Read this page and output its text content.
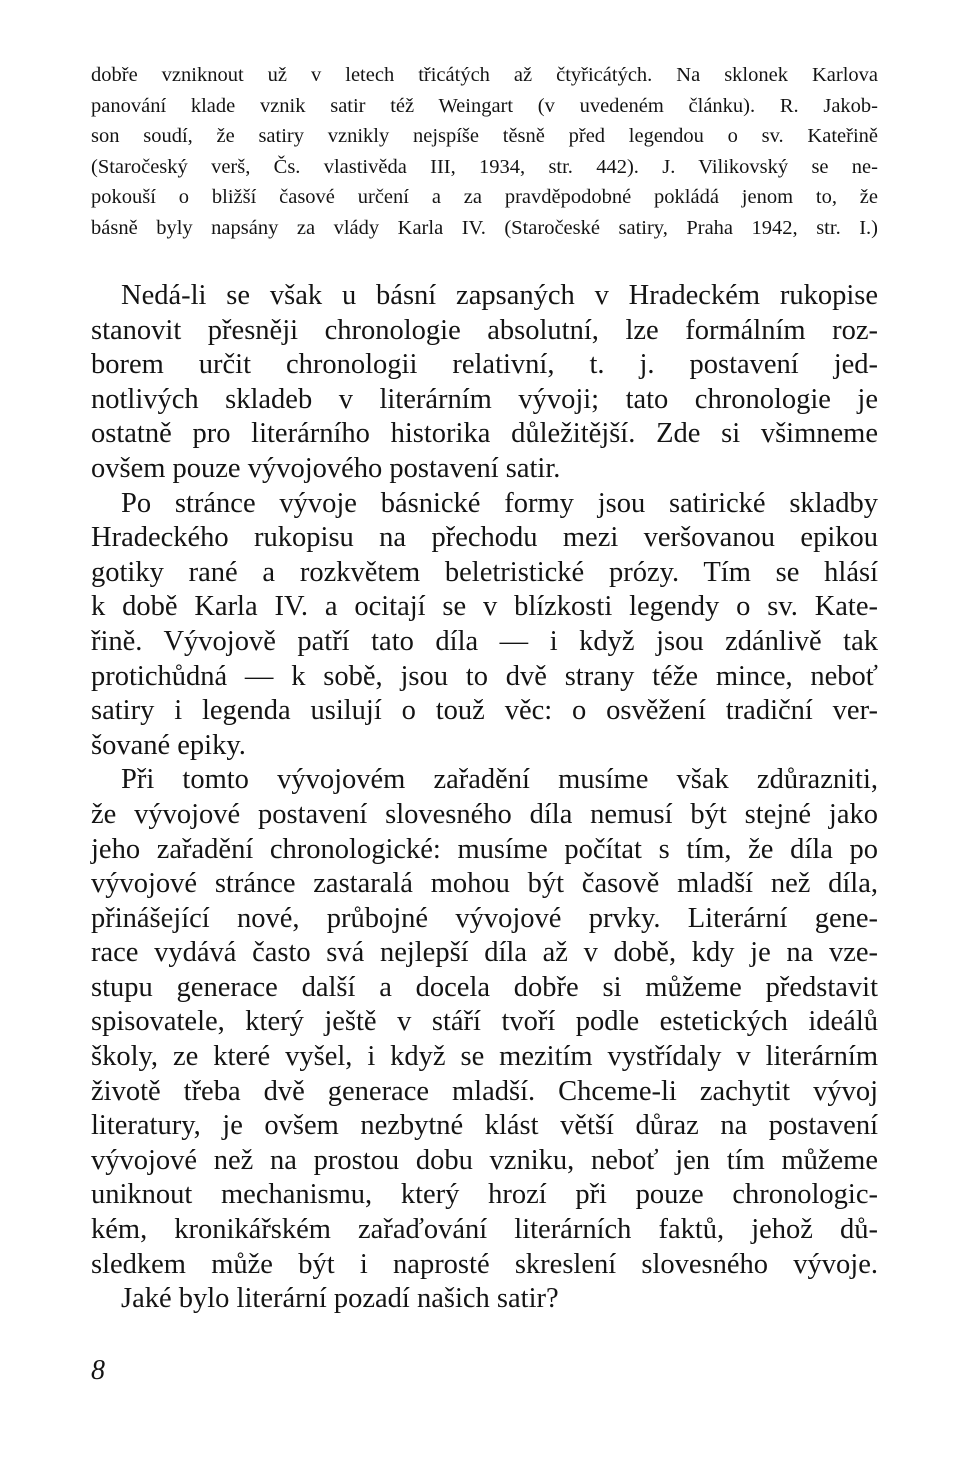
dobře vzniknout už v letech třicátých až čtyřicátých. Na sklonek Karlova
panování klade vznik satir též Weingart (v uvedeném článku). R. Jakob-
son soudí, že satiry vznikly nejspíše těsně před legendou o sv. Kateřině
(Staročeský verš, Čs. vlastivěda III, 1934, str. 442). J. Vilikovský se ne-
pokouší o bližší časové určení a za pravděpodobné pokládá jenom to, že
básně byly napsány za vlády Karla IV. (Staročeské satiry, Praha 1942, str. I.)
Nedá-li se však u básní zapsaných v Hradeckém rukopise
stanovit přesněji chronologie absolutní, lze formálním roz-
borem určit chronologii relativní, t. j. postavení jed-
notlivých skladeb v literárním vývoji; tato chronologie je
ostatně pro literárního historika důležitější. Zde si všimneme
ovšem pouze vývojového postavení satir.
Po stránce vývoje básnické formy jsou satirické skladby
Hradeckého rukopisu na přechodu mezi veršovanou epikou
gotiky rané a rozkvětem beletristické prózy. Tím se hlásí
k době Karla IV. a ocitají se v blízkosti legendy o sv. Kate-
řině. Vývojově patří tato díla — i když jsou zdánlivě tak
protichůdná — k sobě, jsou to dvě strany téže mince, neboť
satiry i legenda usilují o touž věc: o osvěžení tradiční ver-
šované epiky.
Při tomto vývojovém zařadění musíme však zdůrazniti,
že vývojové postavení slovesného díla nemusí být stejné jako
jeho zařadění chronologické: musíme počítat s tím, že díla po
vývojové stránce zastaralá mohou být časově mladší než díla,
přinášející nové, průbojné vývojové prvky. Literární gene-
race vydává často svá nejlepší díla až v době, kdy je na vze-
stupu generace další a docela dobře si můžeme představit
spisovatele, který ještě v stáří tvoří podle estetických ideálů
školy, ze které vyšel, i když se mezitím vystřídaly v literárním
životě třeba dvě generace mladší. Chceme-li zachytit vývoj
literatury, je ovšem nezbytné klást větší důraz na postavení
vývojové než na prostou dobu vzniku, neboť jen tím můžeme
uniknout mechanismu, který hrozí při pouze chronologic-
kém, kronikářském zařaďování literárních faktů, jehož dů-
sledkem může být i naprosté skreslení slovesného vývoje.
Jaké bylo literární pozadí našich satir?
8
